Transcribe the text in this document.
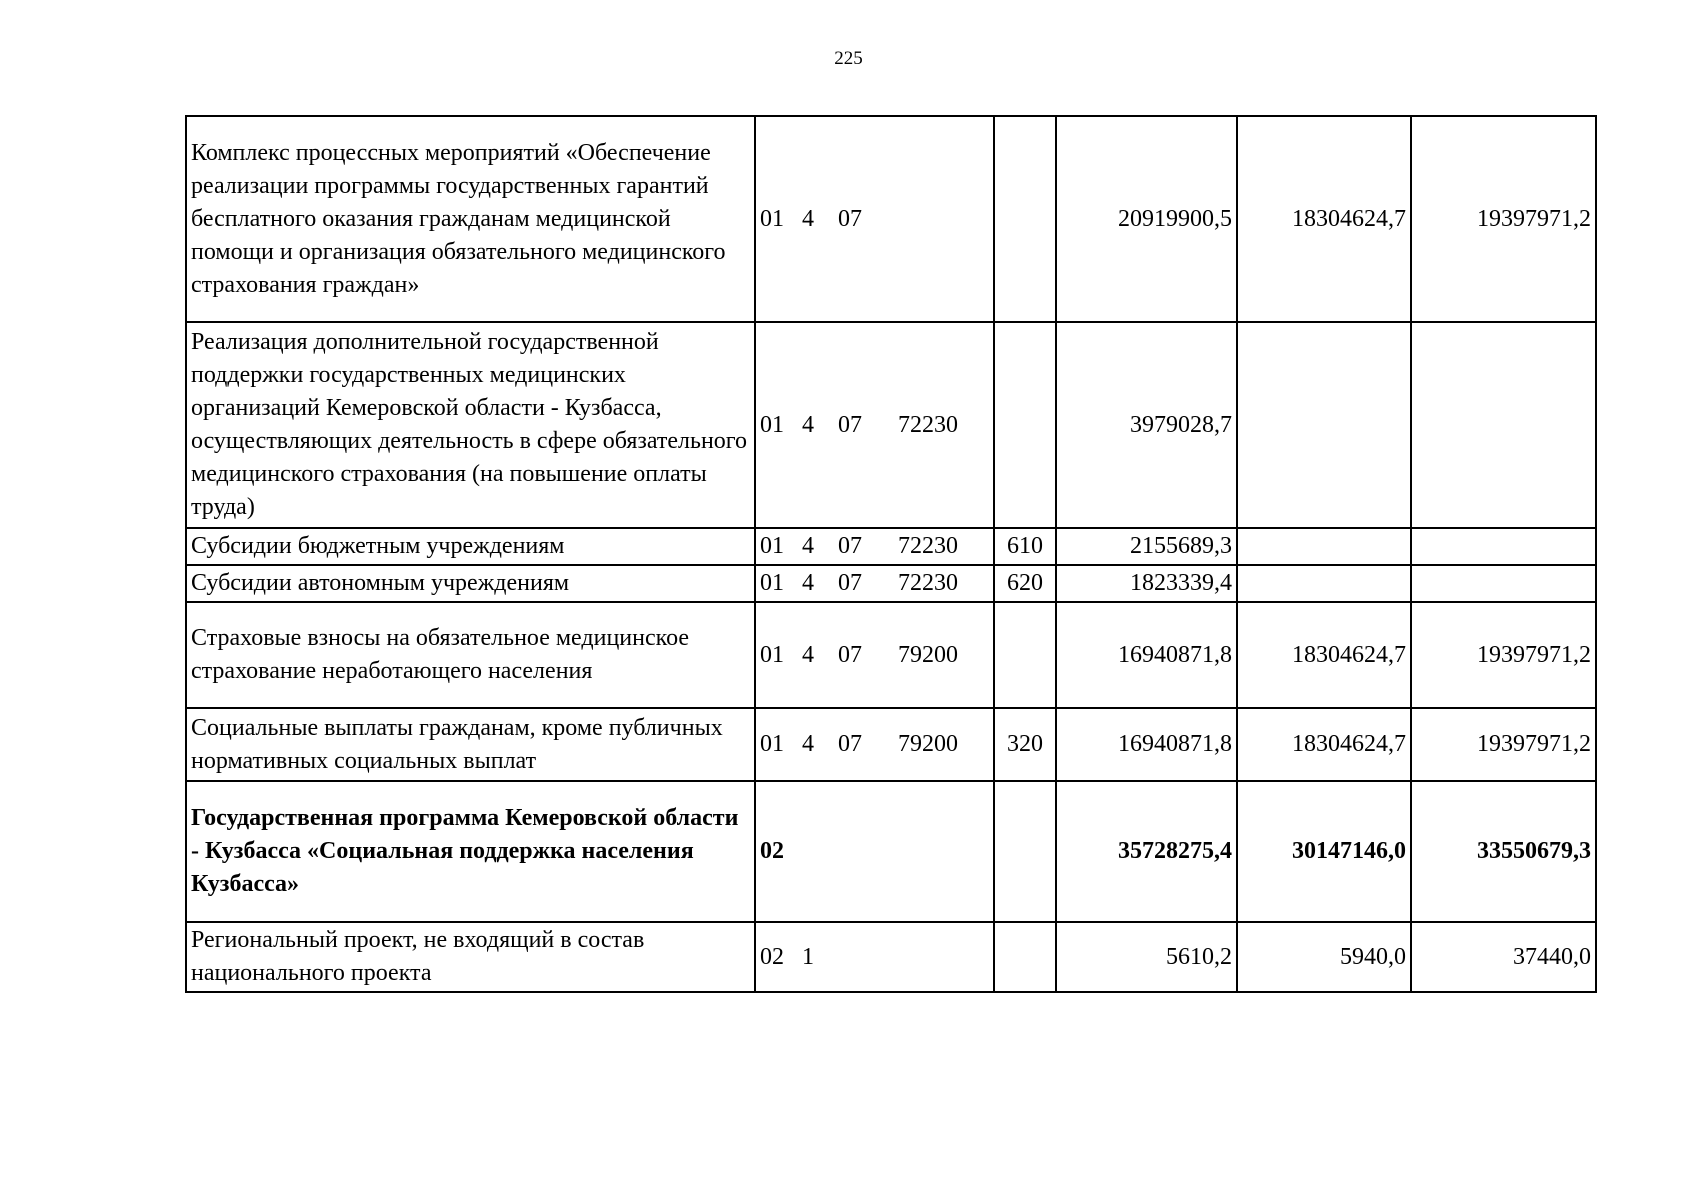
225
Комплекс процессных мероприятий «Обеспечение реализации программы государственных гарантий бесплатного оказания гражданам медицинской помощи и организация обязательного медицинского страхования граждан»	01   4    07		20919900,5	18304624,7	19397971,2
Реализация дополнительной государственной поддержки государственных медицинских организаций Кемеровской области - Кузбасса, осуществляющих деятельность в сфере обязательного медицинского страхования (на повышение оплаты труда)	01   4    07      72230		3979028,7		
Субсидии бюджетным учреждениям	01   4    07      72230	610	2155689,3		
Субсидии автономным учреждениям	01   4    07      72230	620	1823339,4		
Страховые взносы на обязательное медицинское страхование неработающего населения	01   4    07      79200		16940871,8	18304624,7	19397971,2
Социальные выплаты гражданам, кроме публичных нормативных социальных выплат	01   4    07      79200	320	16940871,8	18304624,7	19397971,2
Государственная программа Кемеровской области - Кузбасса «Социальная поддержка населения Кузбасса»	02		35728275,4	30147146,0	33550679,3
Региональный проект, не входящий в состав национального проекта	02   1		5610,2	5940,0	37440,0
